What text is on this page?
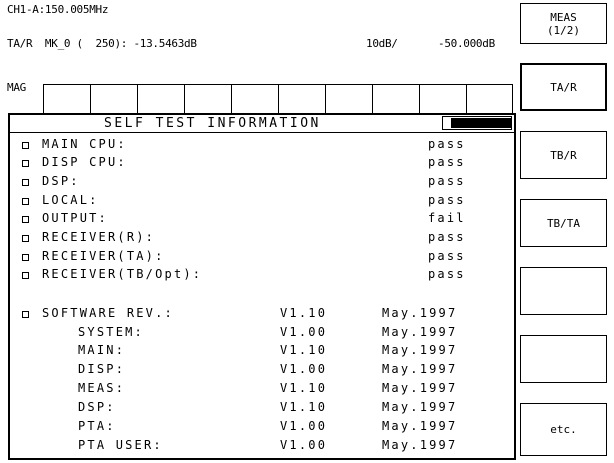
CH1-A:150.005MHz
TA/R  MK_0 (  250): -13.5463dB	10dB/	-50.000dB
MAG
MEAS
(1/2)
TA/R
TB/R
TB/TA
etc.
SELF TEST INFORMATION
MAIN CPU:	pass
DISP CPU:	pass
DSP:	pass
LOCAL:	pass
OUTPUT:	fail
RECEIVER(R):	pass
RECEIVER(TA):	pass
RECEIVER(TB/Opt):	pass
SOFTWARE REV.:	V1.10	May.1997
SYSTEM:	V1.00	May.1997
MAIN:	V1.10	May.1997
DISP:	V1.00	May.1997
MEAS:	V1.10	May.1997
DSP:	V1.10	May.1997
PTA:	V1.00	May.1997
PTA USER:	V1.00	May.1997
